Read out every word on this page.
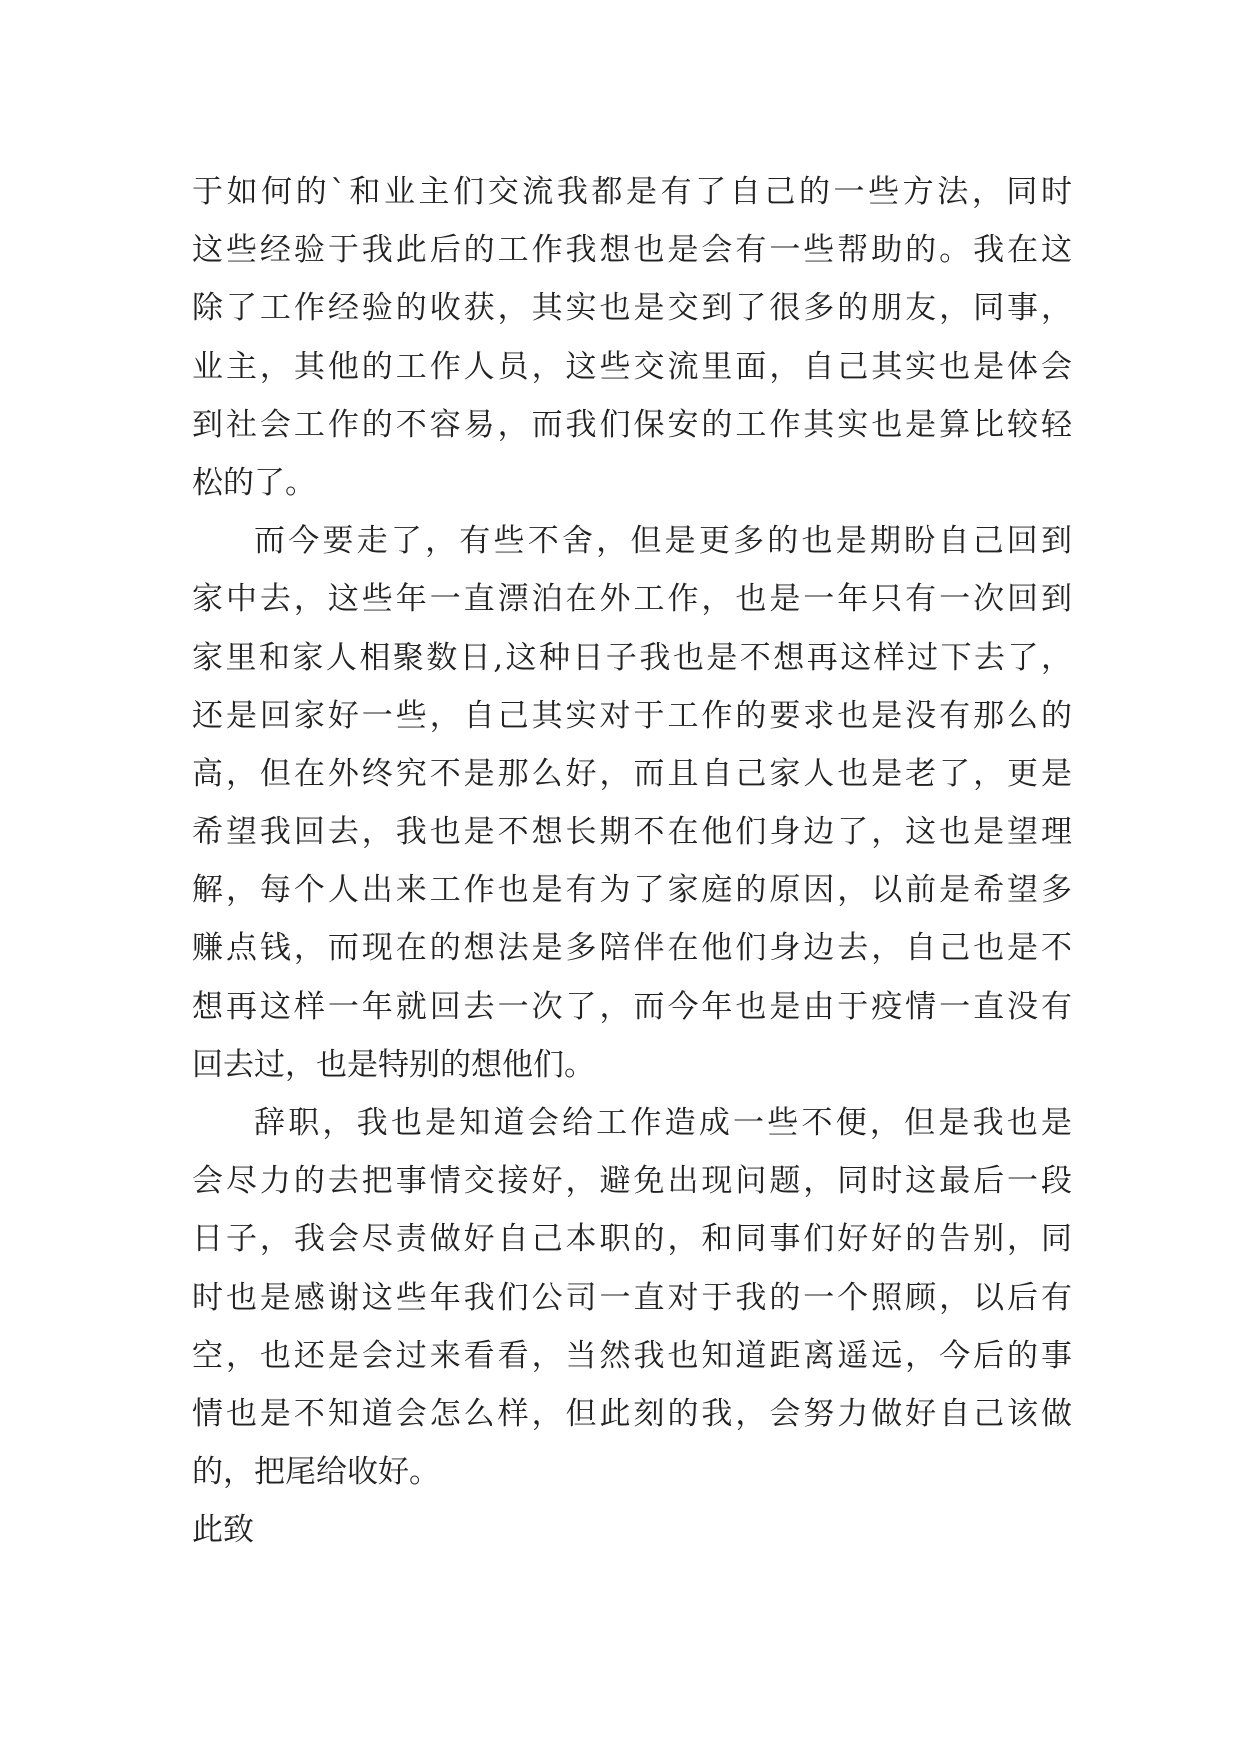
于如何的`和业主们交流我都是有了自己的一些方法，同时
这些经验于我此后的工作我想也是会有一些帮助的。我在这
除了工作经验的收获，其实也是交到了很多的朋友，同事，
业主，其他的工作人员，这些交流里面，自己其实也是体会
到社会工作的不容易，而我们保安的工作其实也是算比较轻
松的了。
而今要走了，有些不舍，但是更多的也是期盼自己回到
家中去，这些年一直漂泊在外工作，也是一年只有一次回到
家里和家人相聚数日,这种日子我也是不想再这样过下去了，
还是回家好一些，自己其实对于工作的要求也是没有那么的
高，但在外终究不是那么好，而且自己家人也是老了，更是
希望我回去，我也是不想长期不在他们身边了，这也是望理
解，每个人出来工作也是有为了家庭的原因，以前是希望多
赚点钱，而现在的想法是多陪伴在他们身边去，自己也是不
想再这样一年就回去一次了，而今年也是由于疫情一直没有
回去过，也是特别的想他们。
辞职，我也是知道会给工作造成一些不便，但是我也是
会尽力的去把事情交接好，避免出现问题，同时这最后一段
日子，我会尽责做好自己本职的，和同事们好好的告别，同
时也是感谢这些年我们公司一直对于我的一个照顾，以后有
空，也还是会过来看看，当然我也知道距离遥远，今后的事
情也是不知道会怎么样，但此刻的我，会努力做好自己该做
的，把尾给收好。
此致
